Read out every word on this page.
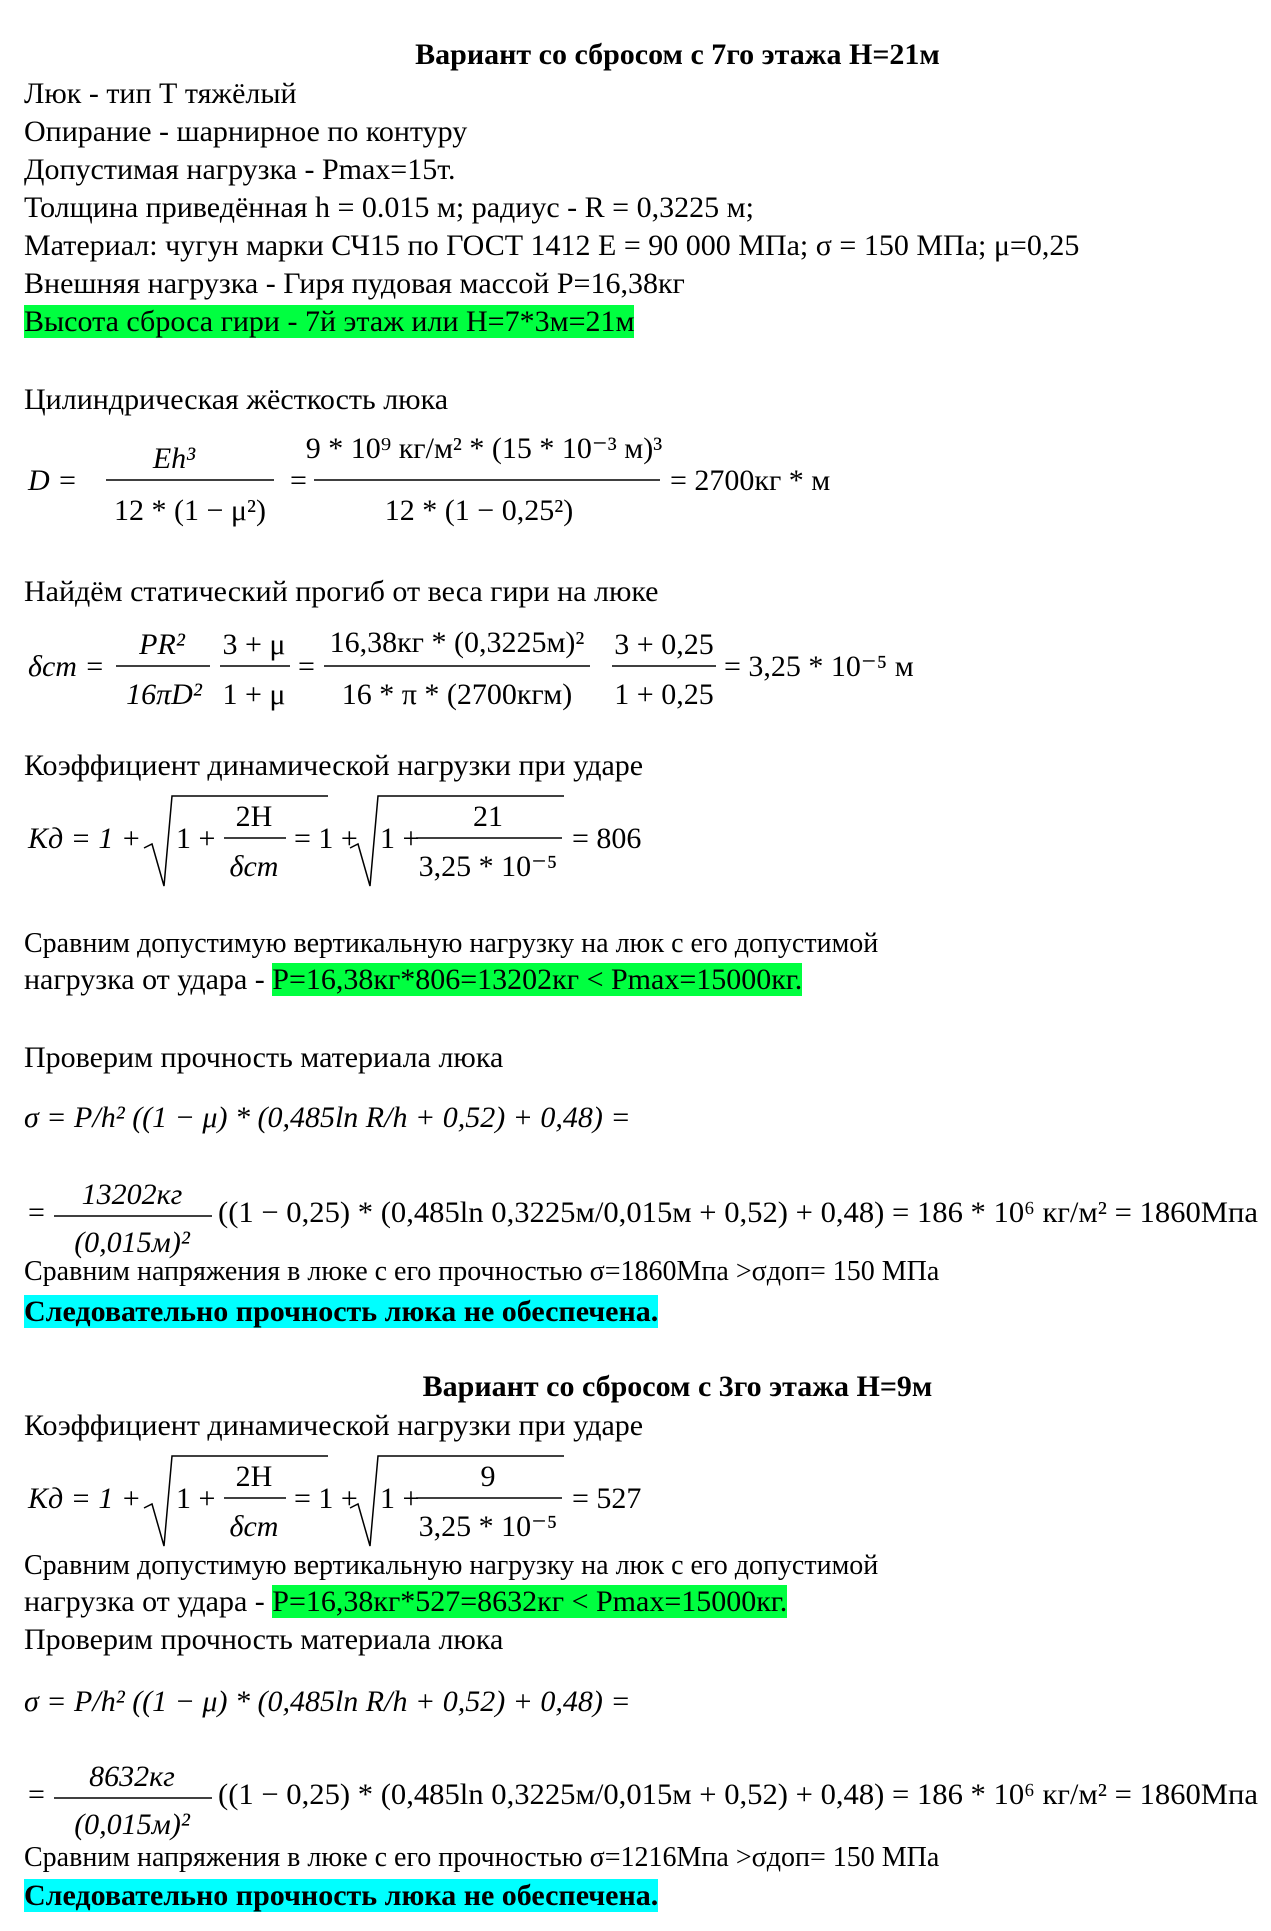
Вариант со сбросом с 7го этажа Н=21м
Люк - тип Т тяжёлый
Опирание - шарнирное по контуру
Допустимая нагрузка - Pmax=15т.
Толщина приведённая h = 0.015 м; радиус - R = 0,3225 м;
Материал: чугун марки СЧ15 по ГОСТ 1412 Е = 90 000 МПа; σ = 150 МПа; μ=0,25
Внешняя нагрузка - Гиря пудовая массой Р=16,38кг
Высота сброса гири - 7й этаж или H=7*3м=21м
Цилиндрическая жёсткость люка
D =
Eh³
12 * (1 − μ²)
=
9 * 10⁹ кг/м² * (15 * 10⁻³ м)³
12 * (1 − 0,25²)
= 2700кг * м
Найдём статический прогиб от веса гири на люке
δст =
PR²
16πD²
3 + μ
1 + μ
=
16,38кг * (0,3225м)²
16 * π * (2700кгм)
3 + 0,25
1 + 0,25
= 3,25 * 10⁻⁵ м
Коэффициент динамической нагрузки при ударе
Kд = 1 + 1 +
2H
δст
= 1 + 1 +
21
3,25 * 10⁻⁵
= 806
Сравним допустимую вертикальную нагрузку на люк с его допустимой
нагрузка от удара - P=16,38кг*806=13202кг < Pmax=15000кг.
Проверим прочность материала люка
σ = P/h² ((1 − μ) * (0,485ln R/h + 0,52) + 0,48) =
=
13202кг
(0,015м)²
((1 − 0,25) * (0,485ln 0,3225м/0,015м + 0,52) + 0,48) = 186 * 10⁶ кг/м² = 1860Мпа
Сравним напряжения в люке с его прочностью σ=1860Мпа >σдоп= 150 МПа
Следовательно прочность люка не обеспечена.
Вариант со сбросом с 3го этажа Н=9м
Коэффициент динамической нагрузки при ударе
Kд = 1 + 1 +
2H
δст
= 1 + 1 +
9
3,25 * 10⁻⁵
= 527
Сравним допустимую вертикальную нагрузку на люк с его допустимой
нагрузка от удара - P=16,38кг*527=8632кг < Pmax=15000кг.
Проверим прочность материала люка
σ = P/h² ((1 − μ) * (0,485ln R/h + 0,52) + 0,48) =
=
8632кг
(0,015м)²
((1 − 0,25) * (0,485ln 0,3225м/0,015м + 0,52) + 0,48) = 186 * 10⁶ кг/м² = 1860Мпа
Сравним напряжения в люке с его прочностью σ=1216Мпа >σдоп= 150 МПа
Следовательно прочность люка не обеспечена.
